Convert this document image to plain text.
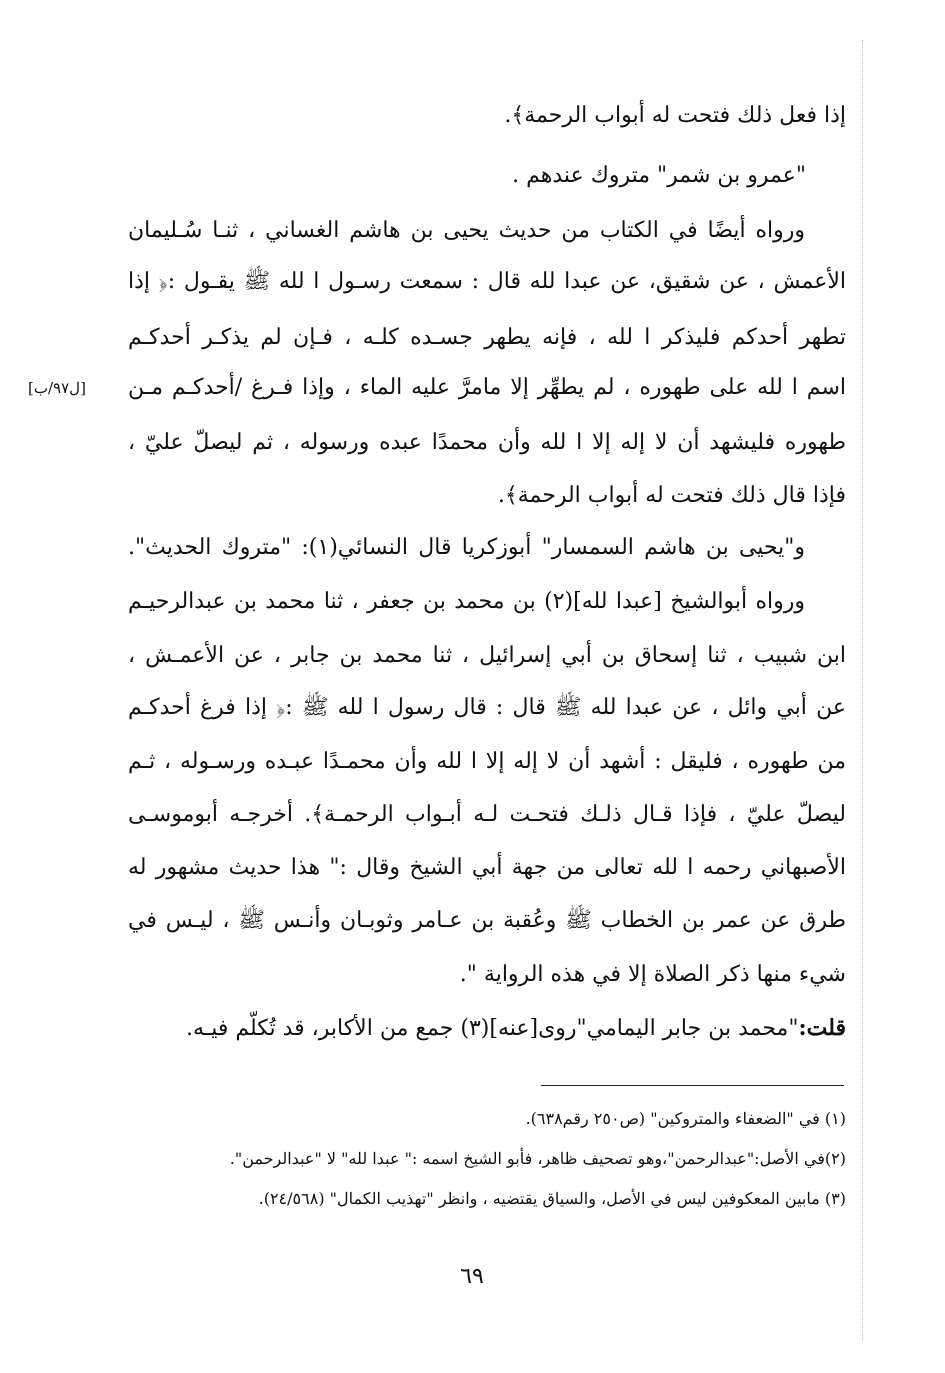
إذا فعل ذلك فتحت له أبواب الرحمة﴾.
"عمرو بن شمر" متروك عندهم .
ورواه أيضًا في الكتاب من حديث يحيى بن هاشم الغساني ، ثنـا سُـليمان
الأعمش ، عن شقيق، عن عبدا لله قال : سمعت رسـول ا لله ﷺ يقـول :﴿ إذا
تطهر أحدكم فليذكر ا لله ، فإنه يطهر جسـده كلـه ، فـإن لم يذكـر أحدكـم
اسم ا لله على طهوره ، لم يطهِّر إلا مامرَّ عليه الماء ، وإذا فـرغ /أحدكـم مـن
[ل٩٧/ب]
طهوره فليشهد أن لا إله إلا ا لله وأن محمدًا عبده ورسوله ، ثم ليصلّ عليّ ،
فإذا قال ذلك فتحت له أبواب الرحمة﴾.
و"يحيى بن هاشم السمسار" أبوزكريا قال النسائي(١): "متروك الحديث".
ورواه أبوالشيخ [عبدا لله](٢) بن محمد بن جعفر ، ثنا محمد بن عبدالرحيـم
ابن شبيب ، ثنا إسحاق بن أبي إسرائيل ، ثنا محمد بن جابر ، عن الأعمـش ،
عن أبي وائل ، عن عبدا لله ﷺ قال : قال رسول ا لله ﷺ :﴿ إذا فرغ أحدكـم
من طهوره ، فليقل : أشهد أن لا إله إلا ا لله وأن محمـدًا عبـده ورسـوله ، ثـم
ليصلّ عليّ ، فإذا قـال ذلـك فتحـت لـه أبـواب الرحمـة﴾. أخرجـه أبوموسـى
الأصبهاني رحمه ا لله تعالى من جهة أبي الشيخ وقال :" هذا حديث مشهور له
طرق عن عمر بن الخطاب ﷺ وعُقبة بن عـامر وثوبـان وأنـس ﷺ ، ليـس في
شيء منها ذكر الصلاة إلا في هذه الرواية ".
قلت:"محمد بن جابر اليمامي"روى[عنه](٣) جمع من الأكابر، قد تُكلّم فيـه.
(١) في "الضعفاء والمتروكين" (ص٢٥٠ رقم٦٣٨).
(٢)في الأصل:"عبدالرحمن"،وهو تصحيف ظاهر، فأبو الشيخ اسمه :" عبدا لله" لا "عبدالرحمن".
(٣) مابين المعكوفين ليس في الأصل، والسياق يقتضيه ، وانظر "تهذيب الكمال" (٢٤/٥٦٨).
٦٩
